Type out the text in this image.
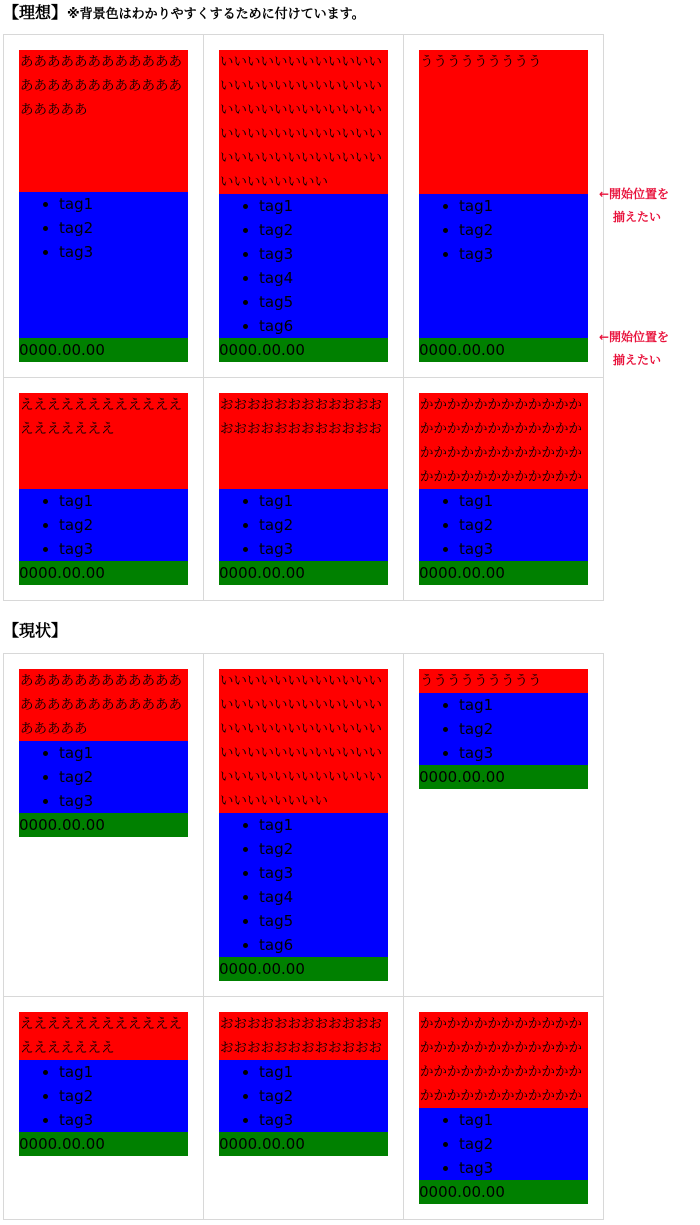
【理想】※背景色はわかりやすくするために付けています。
あああああああああああああああああああああああああああああ
• tag1
• tag2
• tag3
0000.00.00
いいいいいいいいいいいいいいいいいいいいいいいいいいいいいいいいいいいいいいいいいいいいいいいいいいいいいいいいいいいいいいいいいいいい
• tag1
• tag2
• tag3
• tag4
• tag5
• tag6
0000.00.00
ううううううううう
• tag1
• tag2
• tag3
0000.00.00
えええええええええええええええええええ
• tag1
• tag2
• tag3
0000.00.00
おおおおおおおおおおおおおおおおおおおおおおおお
• tag1
• tag2
• tag3
0000.00.00
かかかかかかかかかかかかかかかかかかかかかかかかかかかかかかかかかかかかかかかかかかかかかかかか
• tag1
• tag2
• tag3
0000.00.00
←開始位置を
揃えたい
←開始位置を
揃えたい
【現状】
あああああああああああああああああああああああああああああ
• tag1
• tag2
• tag3
0000.00.00
いいいいいいいいいいいいいいいいいいいいいいいいいいいいいいいいいいいいいいいいいいいいいいいいいいいいいいいいいいいいいいいいいいいい
• tag1
• tag2
• tag3
• tag4
• tag5
• tag6
0000.00.00
ううううううううう
• tag1
• tag2
• tag3
0000.00.00
えええええええええええええええええええ
• tag1
• tag2
• tag3
0000.00.00
おおおおおおおおおおおおおおおおおおおおおおおお
• tag1
• tag2
• tag3
0000.00.00
かかかかかかかかかかかかかかかかかかかかかかかかかかかかかかかかかかかかかかかかかかかかかかかか
• tag1
• tag2
• tag3
0000.00.00
